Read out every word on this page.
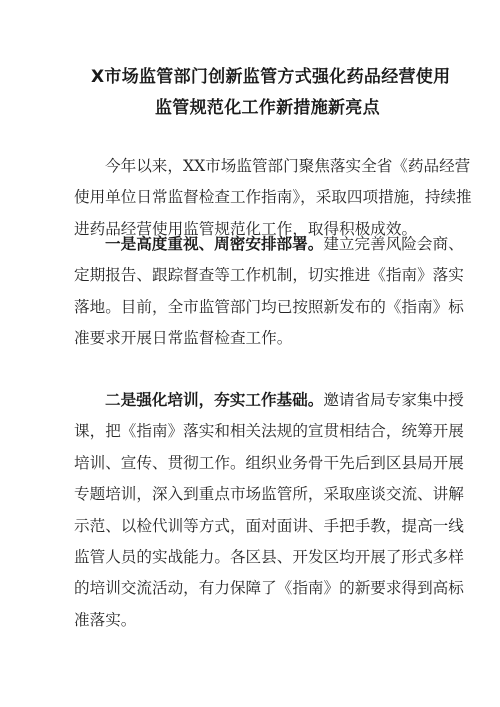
X市场监管部门创新监管方式强化药品经营使用
监管规范化工作新措施新亮点
今年以来，XX市场监管部门聚焦落实全省《药品经营
使用单位日常监督检查工作指南》，采取四项措施，持续推
进药品经营使用监管规范化工作，取得积极成效。
一是高度重视、周密安排部署。建立完善风险会商、
定期报告、跟踪督查等工作机制，切实推进《指南》落实
落地。目前，全市监管部门均已按照新发布的《指南》标
准要求开展日常监督检查工作。
二是强化培训，夯实工作基础。邀请省局专家集中授
课，把《指南》落实和相关法规的宣贯相结合，统筹开展
培训、宣传、贯彻工作。组织业务骨干先后到区县局开展
专题培训，深入到重点市场监管所，采取座谈交流、讲解
示范、以检代训等方式，面对面讲、手把手教，提高一线
监管人员的实战能力。各区县、开发区均开展了形式多样
的培训交流活动，有力保障了《指南》的新要求得到高标
准落实。
